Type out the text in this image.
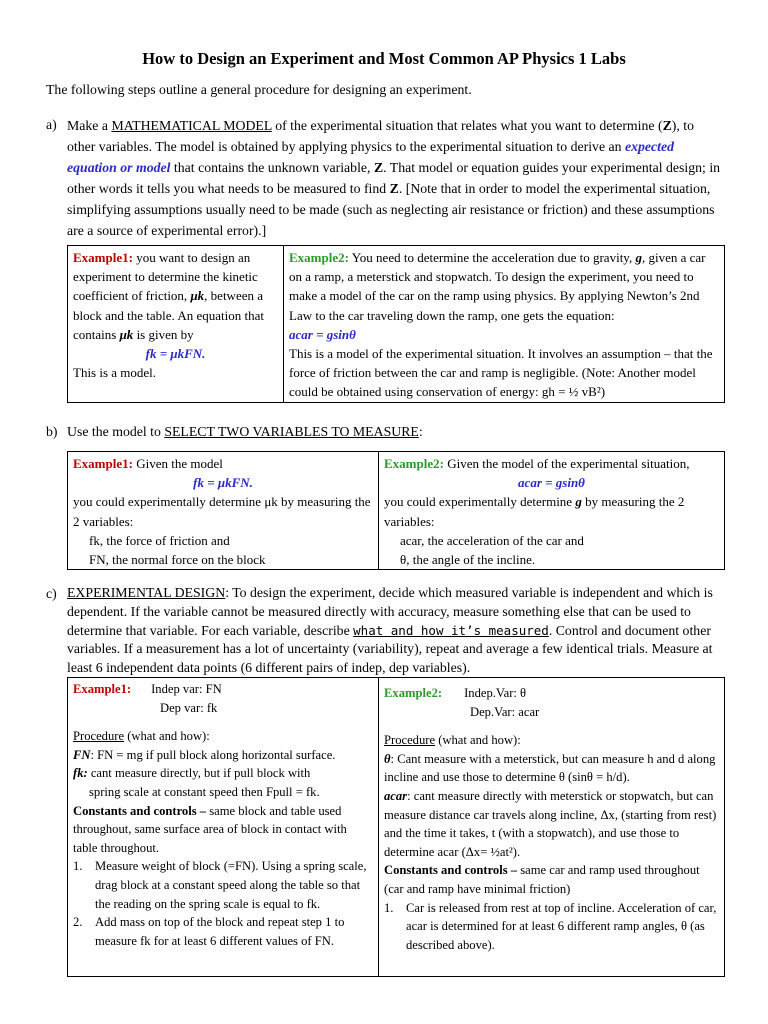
How to Design an Experiment and Most Common AP Physics 1 Labs
The following steps outline a general procedure for designing an experiment.
a) Make a MATHEMATICAL MODEL of the experimental situation that relates what you want to determine (Z), to other variables. The model is obtained by applying physics to the experimental situation to derive an expected equation or model that contains the unknown variable, Z. That model or equation guides your experimental design; in other words it tells you what needs to be measured to find Z. [Note that in order to model the experimental situation, simplifying assumptions usually need to be made (such as neglecting air resistance or friction) and these assumptions are a source of experimental error).]
Example1: you want to design an experiment to determine the kinetic coefficient of friction, μk, between a block and the table. An equation that contains μk is given by
fk = μkFN.
This is a model.
Example2: You need to determine the acceleration due to gravity, g, given a car on a ramp, a meterstick and stopwatch. To design the experiment, you need to make a model of the car on the ramp using physics. By applying Newton’s 2nd Law to the car traveling down the ramp, one gets the equation:
acar = gsinθ
This is a model of the experimental situation. It involves an assumption – that the force of friction between the car and ramp is negligible. (Note: Another model could be obtained using conservation of energy: gh = ½ vB²)
b) Use the model to SELECT TWO VARIABLES TO MEASURE:
Example1: Given the model
fk = μkFN.
you could experimentally determine μk by measuring the 2 variables:
fk, the force of friction and
FN, the normal force on the block
Example2: Given the model of the experimental situation,
acar = gsinθ
you could experimentally determine g by measuring the 2 variables:
acar, the acceleration of the car and
θ, the angle of the incline.
c) EXPERIMENTAL DESIGN: To design the experiment, decide which measured variable is independent and which is dependent. If the variable cannot be measured directly with accuracy, measure something else that can be used to determine that variable. For each variable, describe what and how it’s measured. Control and document other variables. If a measurement has a lot of uncertainty (variability), repeat and average a few identical trials. Measure at least 6 independent data points (6 different pairs of indep, dep variables).
Example1: Indep var: FN
Dep var: fk
Procedure (what and how):
FN: FN = mg if pull block along horizontal surface.
fk: cant measure directly, but if pull block with
spring scale at constant speed then Fpull = fk.
Constants and controls – same block and table used throughout, same surface area of block in contact with table throughout.
1. Measure weight of block (=FN). Using a spring scale, drag block at a constant speed along the table so that the reading on the spring scale is equal to fk.
2. Add mass on top of the block and repeat step 1 to measure fk for at least 6 different values of FN.
Example2: Indep.Var: θ
Dep.Var: acar
Procedure (what and how):
θ: Cant measure with a meterstick, but can measure h and d along incline and use those to determine θ (sinθ = h/d).
acar: cant measure directly with meterstick or stopwatch, but can measure distance car travels along incline, Δx, (starting from rest) and the time it takes, t (with a stopwatch), and use those to determine acar (Δx= ½at²).
Constants and controls – same car and ramp used throughout (car and ramp have minimal friction)
1. Car is released from rest at top of incline. Acceleration of car, acar is determined for at least 6 different ramp angles, θ (as described above).
